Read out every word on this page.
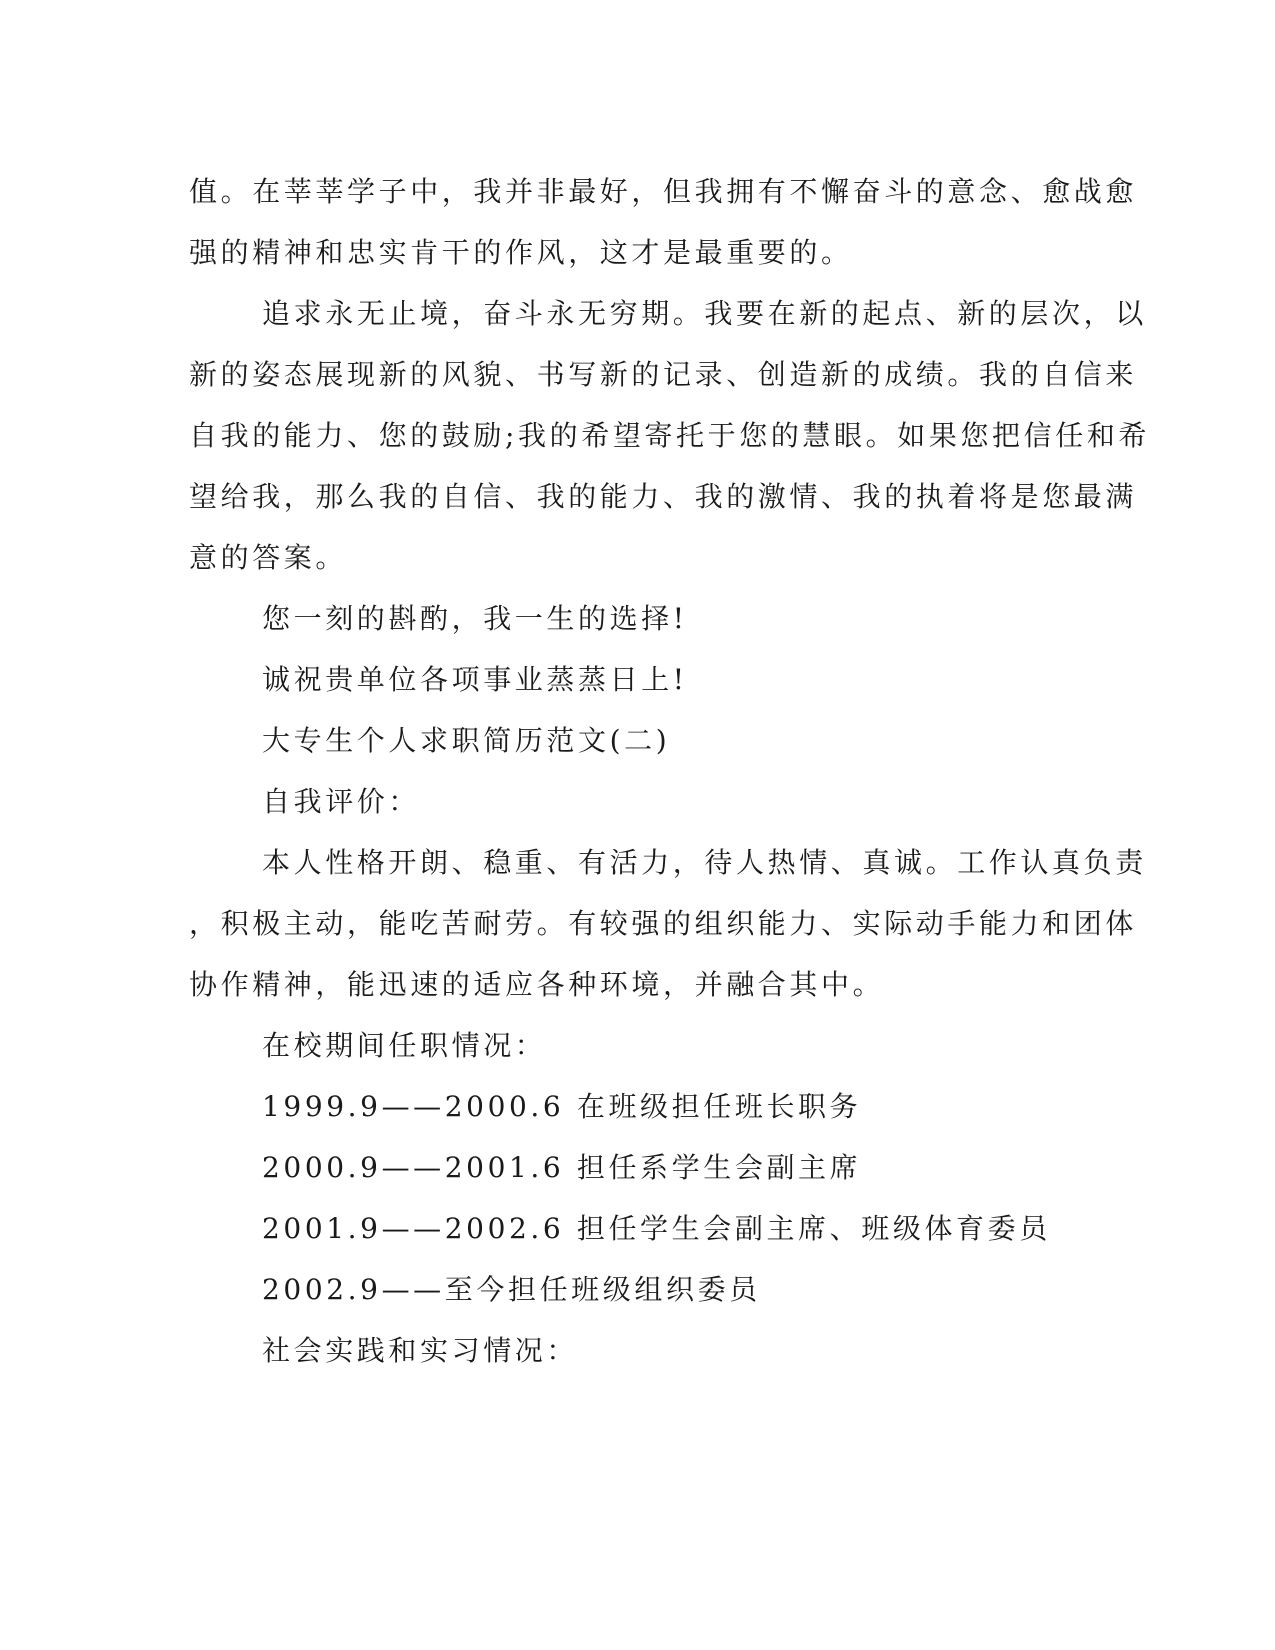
值。在莘莘学子中，我并非最好，但我拥有不懈奋斗的意念、愈战愈
强的精神和忠实肯干的作风，这才是最重要的。
追求永无止境，奋斗永无穷期。我要在新的起点、新的层次，以
新的姿态展现新的风貌、书写新的记录、创造新的成绩。我的自信来
自我的能力、您的鼓励;我的希望寄托于您的慧眼。如果您把信任和希
望给我，那么我的自信、我的能力、我的激情、我的执着将是您最满
意的答案。
您一刻的斟酌，我一生的选择!
诚祝贵单位各项事业蒸蒸日上!
大专生个人求职简历范文(二)
自我评价：
本人性格开朗、稳重、有活力，待人热情、真诚。工作认真负责
，积极主动，能吃苦耐劳。有较强的组织能力、实际动手能力和团体
协作精神，能迅速的适应各种环境，并融合其中。
在校期间任职情况：
1999.9——2000.6 在班级担任班长职务
2000.9——2001.6 担任系学生会副主席
2001.9——2002.6 担任学生会副主席、班级体育委员
2002.9——至今担任班级组织委员
社会实践和实习情况：
